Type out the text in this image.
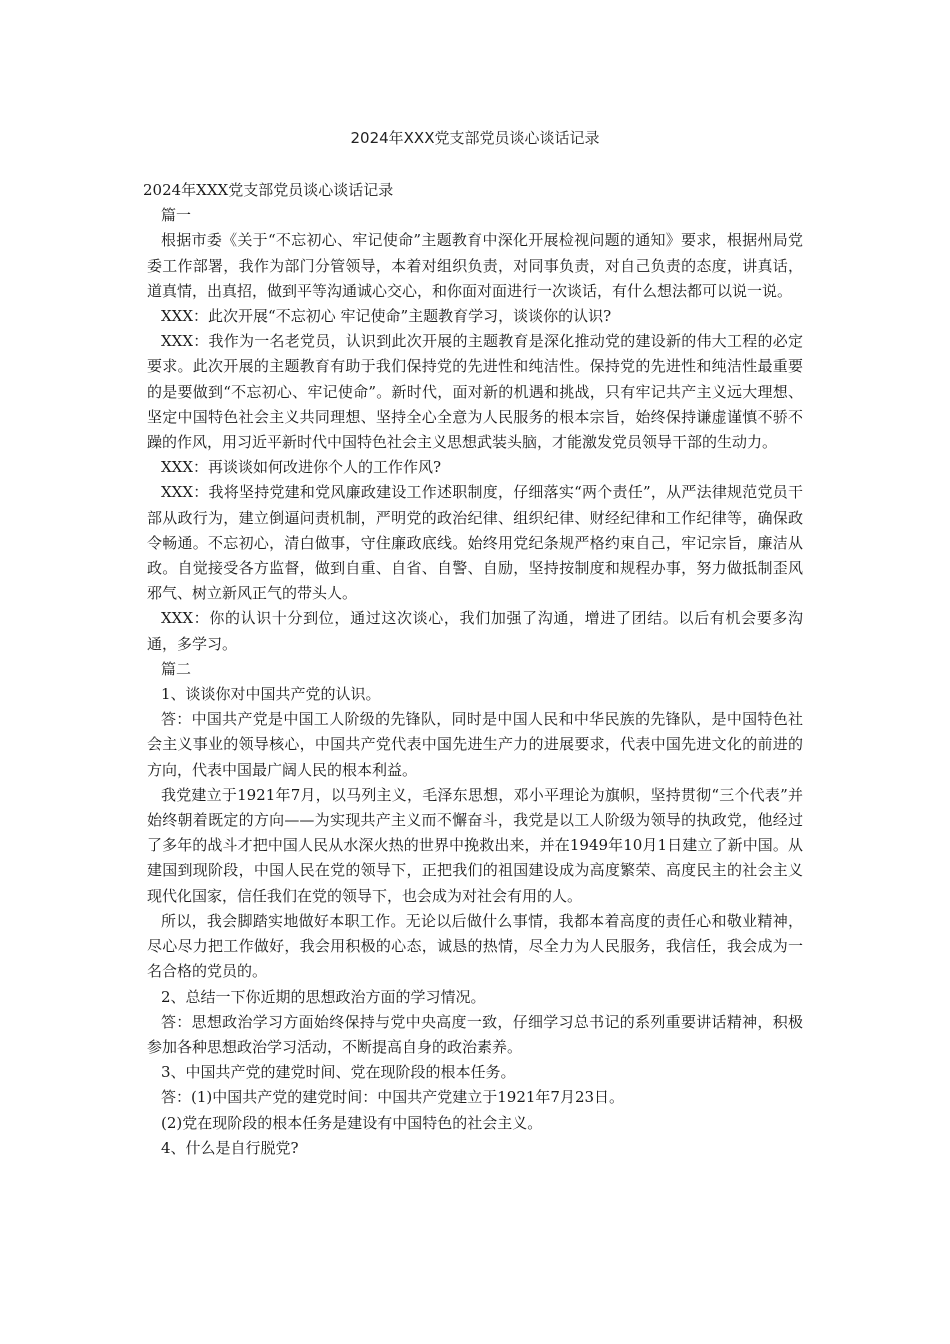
2024年XXX党支部党员谈心谈话记录

2024年XXX党支部党员谈心谈话记录

篇一

根据市委《关于“不忘初心、牢记使命”主题教育中深化开展检视问题的通知》要求，根据州局党委工作部署，我作为部门分管领导，本着对组织负责，对同事负责，对自己负责的态度，讲真话，道真情，出真招，做到平等沟通诚心交心，和你面对面进行一次谈话，有什么想法都可以说一说。

XXX：此次开展“不忘初心 牢记使命”主题教育学习，谈谈你的认识?

XXX：我作为一名老党员，认识到此次开展的主题教育是深化推动党的建设新的伟大工程的必定要求。此次开展的主题教育有助于我们保持党的先进性和纯洁性。保持党的先进性和纯洁性最重要的是要做到“不忘初心、牢记使命”。新时代，面对新的机遇和挑战，只有牢记共产主义远大理想、坚定中国特色社会主义共同理想、坚持全心全意为人民服务的根本宗旨，始终保持谦虚谨慎不骄不躁的作风，用习近平新时代中国特色社会主义思想武装头脑，才能激发党员领导干部的生动力。

XXX：再谈谈如何改进你个人的工作作风?

XXX：我将坚持党建和党风廉政建设工作述职制度，仔细落实“两个责任”，从严法律规范党员干部从政行为，建立倒逼问责机制，严明党的政治纪律、组织纪律、财经纪律和工作纪律等，确保政令畅通。不忘初心，清白做事，守住廉政底线。始终用党纪条规严格约束自己，牢记宗旨，廉洁从政。自觉接受各方监督，做到自重、自省、自警、自励，坚持按制度和规程办事，努力做抵制歪风邪气、树立新风正气的带头人。

XXX：你的认识十分到位，通过这次谈心，我们加强了沟通，增进了团结。以后有机会要多沟通，多学习。

篇二

1、谈谈你对中国共产党的认识。

答：中国共产党是中国工人阶级的先锋队，同时是中国人民和中华民族的先锋队，是中国特色社会主义事业的领导核心，中国共产党代表中国先进生产力的进展要求，代表中国先进文化的前进的方向，代表中国最广阔人民的根本利益。

我党建立于1921年7月，以马列主义，毛泽东思想，邓小平理论为旗帜，坚持贯彻“三个代表”并始终朝着既定的方向——为实现共产主义而不懈奋斗，我党是以工人阶级为领导的执政党，他经过了多年的战斗才把中国人民从水深火热的世界中挽救出来，并在1949年10月1日建立了新中国。从建国到现阶段，中国人民在党的领导下，正把我们的祖国建设成为高度繁荣、高度民主的社会主义现代化国家，信任我们在党的领导下，也会成为对社会有用的人。

所以，我会脚踏实地做好本职工作。无论以后做什么事情，我都本着高度的责任心和敬业精神，尽心尽力把工作做好，我会用积极的心态，诚恳的热情，尽全力为人民服务，我信任，我会成为一名合格的党员的。

2、总结一下你近期的思想政治方面的学习情况。

答：思想政治学习方面始终保持与党中央高度一致，仔细学习总书记的系列重要讲话精神，积极参加各种思想政治学习活动，不断提高自身的政治素养。

3、中国共产党的建党时间、党在现阶段的根本任务。

答：(1)中国共产党的建党时间：中国共产党建立于1921年7月23日。

(2)党在现阶段的根本任务是建设有中国特色的社会主义。

4、什么是自行脱党?
